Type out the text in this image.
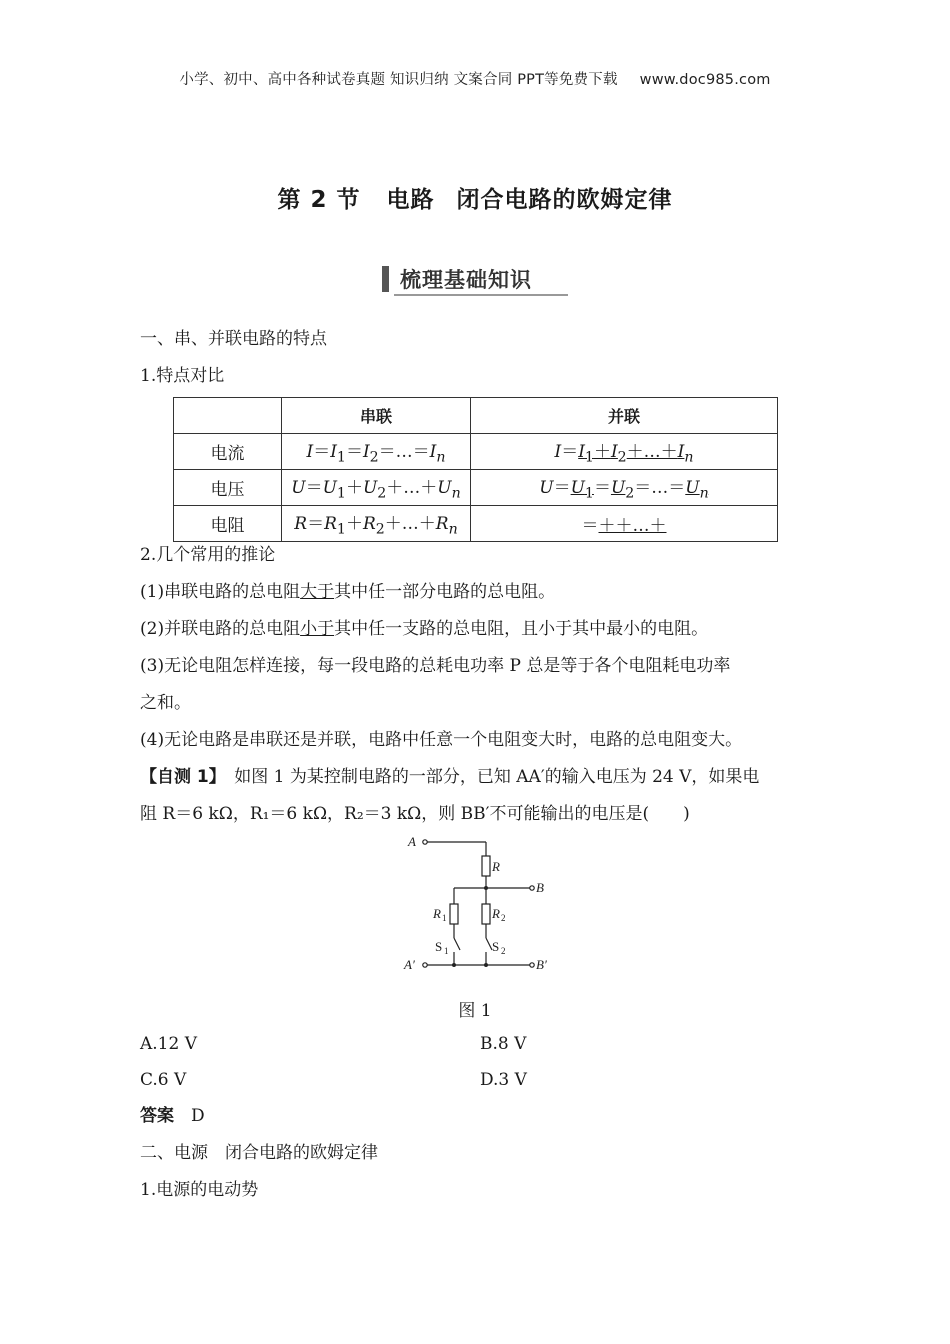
小学、初中、高中各种试卷真题 知识归纳 文案合同 PPT等免费下载 www.doc985.com
第 2 节 电路 闭合电路的欧姆定律
梳理基础知识
一、串、并联电路的特点
1.特点对比
	串联	并联
电流	$I=I_1=I_2=\dots=I_n$	$I=I_1+I_2+\dots+I_n$
电压	$U=U_1+U_2+\dots+U_n$	$U=U_1=U_2=\dots=U_n$
电阻	$R=R_1+R_2+\dots+R_n$	＝＋＋…＋
2.几个常用的推论
(1)串联电路的总电阻大于其中任一部分电路的总电阻。
(2)并联电路的总电阻小于其中任一支路的总电阻，且小于其中最小的电阻。
(3)无论电阻怎样连接，每一段电路的总耗电功率 P 总是等于各个电阻耗电功率
之和。
(4)无论电路是串联还是并联，电路中任意一个电阻变大时，电路的总电阻变大。
【自测 1】　 如图 1 为某控制电路的一部分，已知 AA′的输入电压为 24 V，如果电
阻 R＝6 kΩ，R₁＝6 kΩ，R₂＝3 kΩ，则 BB′不可能输出的电压是(　　)
A
R
B
R	R
A′	B′
1	2
1	2
S	S
图 1
A.12 V	B.8 V
C.6 V	D.3 V
答案　 D
二、电源　闭合电路的欧姆定律
1.电源的电动势
